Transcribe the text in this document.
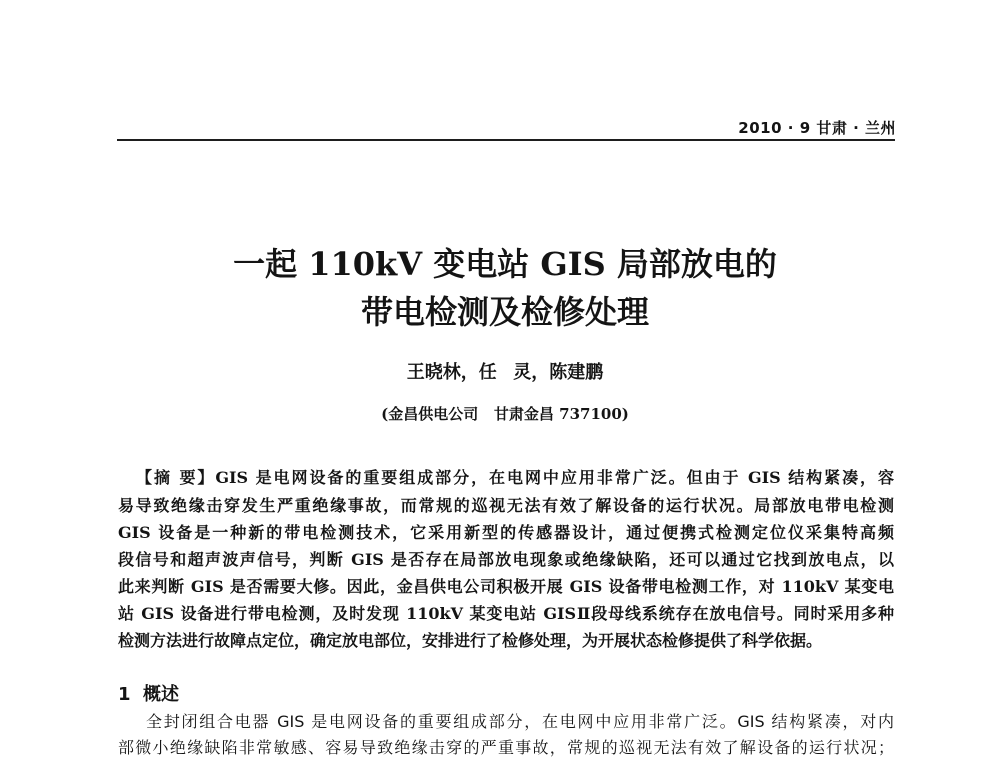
2010 · 9 甘肃 · 兰州
一起 110kV 变电站 GIS 局部放电的
带电检测及检修处理
王晓林，任  灵，陈建鹏
(金昌供电公司   甘肃金昌 737100)
【摘 要】GIS 是电网设备的重要组成部分，在电网中应用非常广泛。但由于 GIS 结构紧凑，容
易导致绝缘击穿发生严重绝缘事故，而常规的巡视无法有效了解设备的运行状况。局部放电带电检测
GIS 设备是一种新的带电检测技术，它采用新型的传感器设计，通过便携式检测定位仪采集特高频
段信号和超声波声信号，判断 GIS 是否存在局部放电现象或绝缘缺陷，还可以通过它找到放电点，以
此来判断 GIS 是否需要大修。因此，金昌供电公司积极开展 GIS 设备带电检测工作，对 110kV 某变电
站 GIS 设备进行带电检测，及时发现 110kV 某变电站 GISⅡ段母线系统存在放电信号。同时采用多种
检测方法进行故障点定位，确定放电部位，安排进行了检修处理，为开展状态检修提供了科学依据。
1  概述
全封闭组合电器 GIS 是电网设备的重要组成部分，在电网中应用非常广泛。GIS 结构紧凑，对内
部微小绝缘缺陷非常敏感、容易导致绝缘击穿的严重事故，常规的巡视无法有效了解设备的运行状况；
